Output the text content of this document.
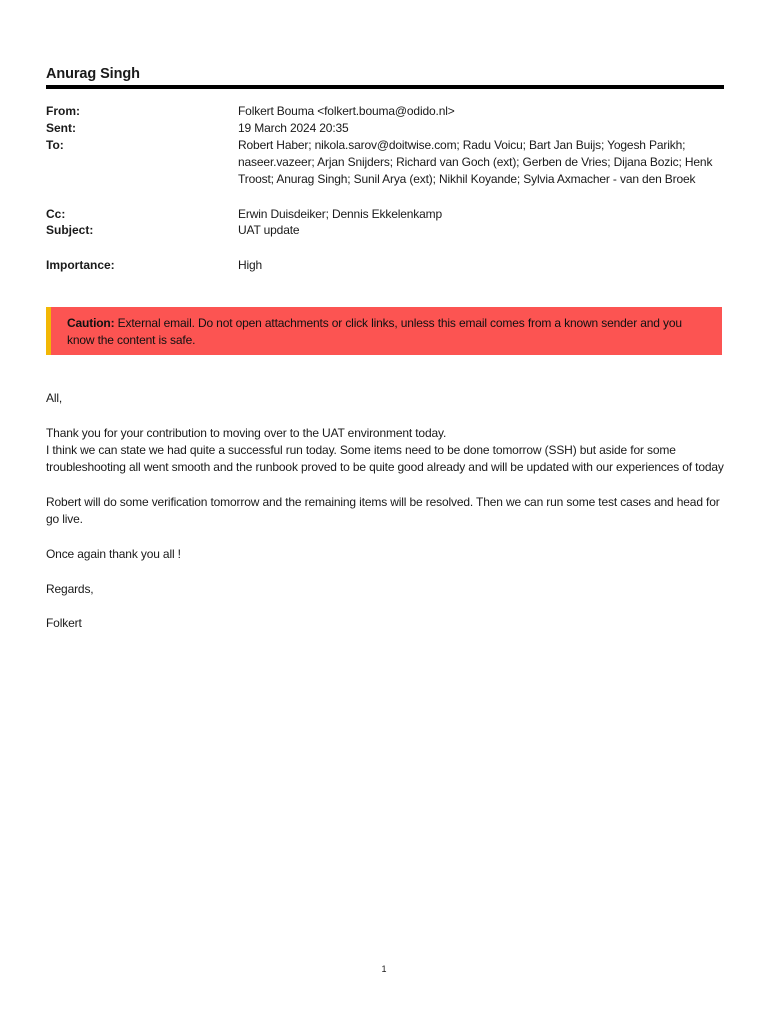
Anurag Singh
From:	Folkert Bouma <folkert.bouma@odido.nl>
Sent:	19 March 2024 20:35
To:	Robert Haber; nikola.sarov@doitwise.com; Radu Voicu; Bart Jan Buijs; Yogesh Parikh; naseer.vazeer; Arjan Snijders; Richard van Goch (ext); Gerben de Vries; Dijana Bozic; Henk Troost; Anurag Singh; Sunil Arya (ext); Nikhil Koyande; Sylvia Axmacher - van den Broek
Cc:	Erwin Duisdeiker; Dennis Ekkelenkamp
Subject:	UAT update
Importance:	High
Caution: External email. Do not open attachments or click links, unless this email comes from a known sender and you know the content is safe.
All,
Thank you for your contribution to moving over to the UAT environment today.
I think we can state we had quite a successful run today. Some items need to be done tomorrow (SSH) but aside for some troubleshooting all went smooth and the runbook proved to be quite good already and will be updated with our experiences of today
Robert will do some verification tomorrow and the remaining items will be resolved. Then we can run some test cases and head for go live.
Once again thank you all !
Regards,
Folkert
1
